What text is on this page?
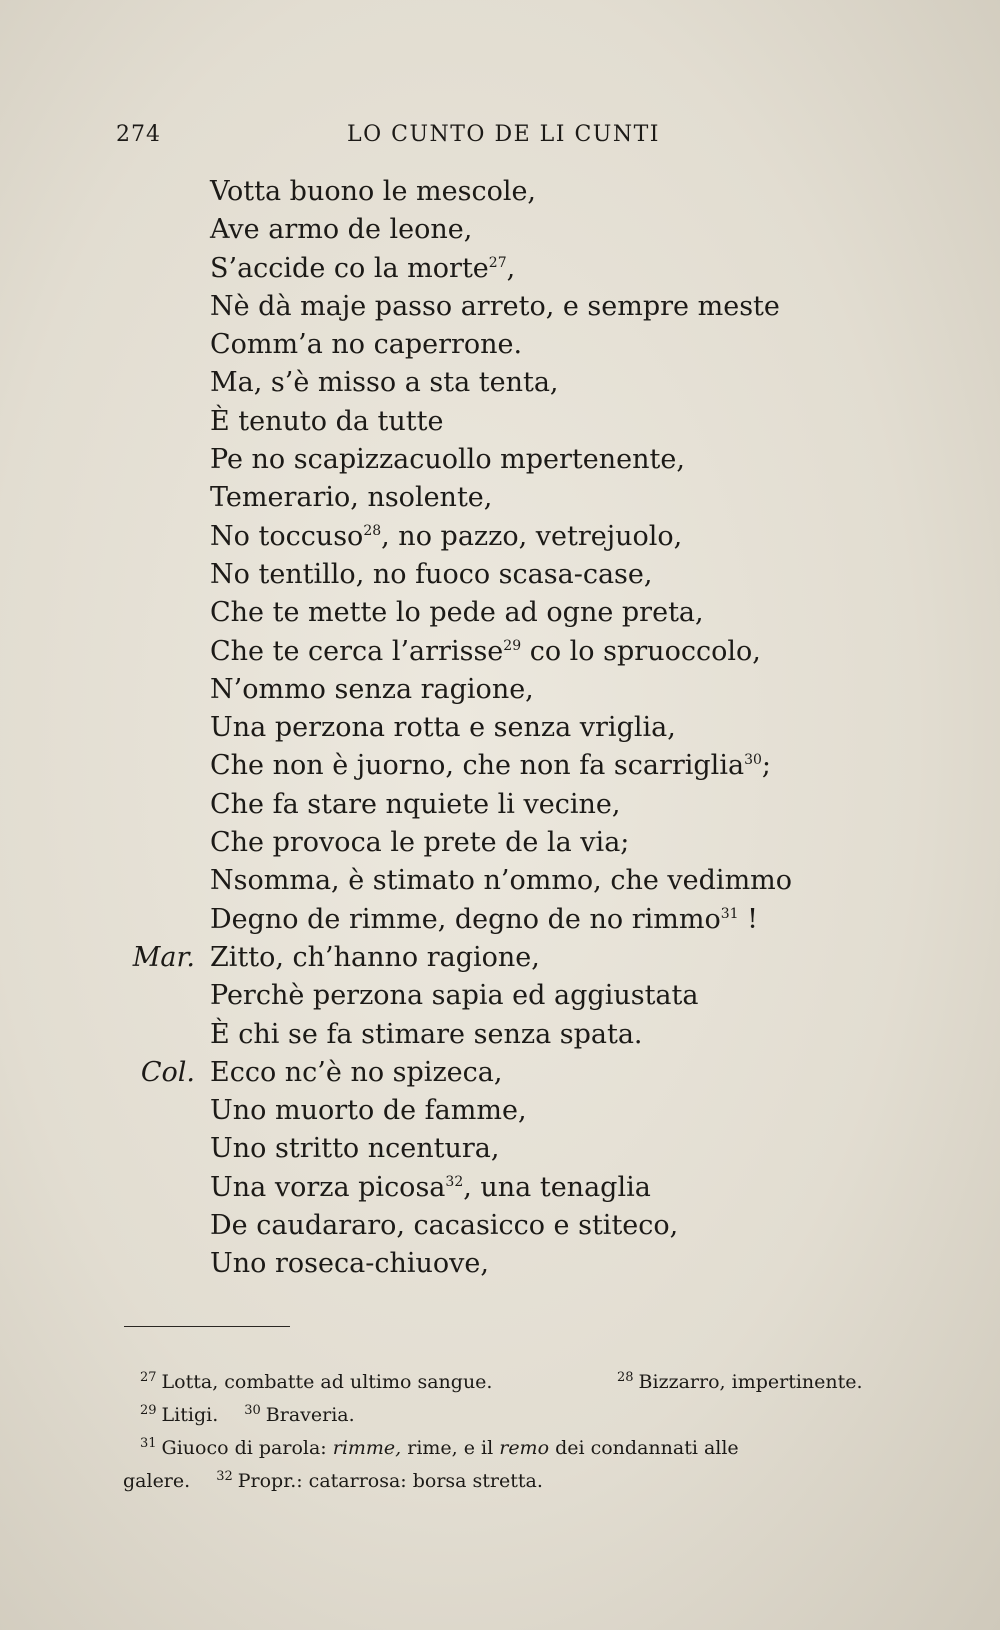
274	LO CUNTO DE LI CUNTI
Votta buono le mescole,
Ave armo de leone,
S’accide co la morte$^{27}$,
Nè dà maje passo arreto, e sempre meste
Comm’a no caperrone.
Ma, s’è misso a sta tenta,
È tenuto da tutte
Pe no scapizzacuollo mpertenente,
Temerario, nsolente,
No toccuso$^{28}$, no pazzo, vetrejuolo,
No tentillo, no fuoco scasa-case,
Che te mette lo pede ad ogne preta,
Che te cerca l’arrisse$^{29}$ co lo spruoccolo,
N’ommo senza ragione,
Una perzona rotta e senza vriglia,
Che non è juorno, che non fa scarriglia$^{30}$;
Che fa stare nquiete li vecine,
Che provoca le prete de la via;
Nsomma, è stimato n’ommo, che vedimmo
Degno de rimme, degno de no rimmo$^{31}$ !
Mar. Zitto, ch’hanno ragione,
Perchè perzona sapia ed aggiustata
È chi se fa stimare senza spata.
Col. Ecco nc’è no spizeca,
Uno muorto de famme,
Uno stritto ncentura,
Una vorza picosa$^{32}$, una tenaglia
De caudararo, cacasicco e stiteco,
Uno roseca-chiuove,
$^{27}$ Lotta, combatte ad ultimo sangue.	$^{28}$ Bizzarro, impertinente.
$^{29}$ Litigi. $^{30}$ Braveria.
$^{31}$ Giuoco di parola: rimme, rime, e il remo dei condannati alle
galere. $^{32}$ Propr.: catarrosa: borsa stretta.
